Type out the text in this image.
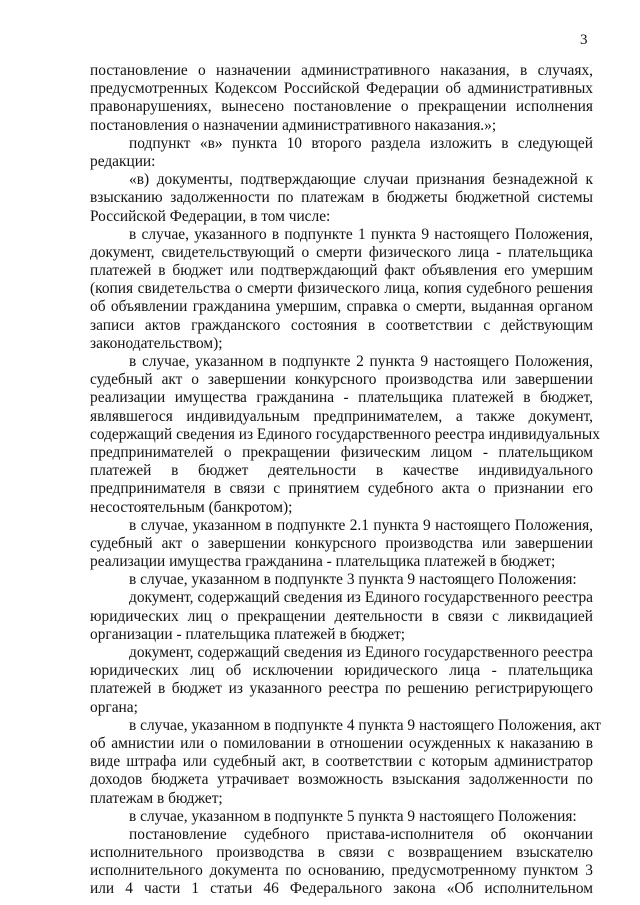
3
постановление о назначении административного наказания, в случаях,
предусмотренных Кодексом Российской Федерации об административных
правонарушениях, вынесено постановление о прекращении исполнения
постановления о назначении административного наказания.»;
подпункт «в» пункта 10 второго раздела изложить в следующей
редакции:
«в) документы, подтверждающие случаи признания безнадежной к
взысканию задолженности по платежам в бюджеты бюджетной системы
Российской Федерации, в том числе:
в случае, указанного в подпункте 1 пункта 9 настоящего Положения,
документ, свидетельствующий о смерти физического лица - плательщика
платежей в бюджет или подтверждающий факт объявления его умершим
(копия свидетельства о смерти физического лица, копия судебного решения
об объявлении гражданина умершим, справка о смерти, выданная органом
записи актов гражданского состояния в соответствии с действующим
законодательством);
в случае, указанном в подпункте 2 пункта 9 настоящего Положения,
судебный акт о завершении конкурсного производства или завершении
реализации имущества гражданина - плательщика платежей в бюджет,
являвшегося индивидуальным предпринимателем, а также документ,
содержащий сведения из Единого государственного реестра индивидуальных
предпринимателей о прекращении физическим лицом - плательщиком
платежей в бюджет деятельности в качестве индивидуального
предпринимателя в связи с принятием судебного акта о признании его
несостоятельным (банкротом);
в случае, указанном в подпункте 2.1 пункта 9 настоящего Положения,
судебный акт о завершении конкурсного производства или завершении
реализации имущества гражданина - плательщика платежей в бюджет;
в случае, указанном в подпункте 3 пункта 9 настоящего Положения:
документ, содержащий сведения из Единого государственного реестра
юридических лиц о прекращении деятельности в связи с ликвидацией
организации - плательщика платежей в бюджет;
документ, содержащий сведения из Единого государственного реестра
юридических лиц об исключении юридического лица - плательщика
платежей в бюджет из указанного реестра по решению регистрирующего
органа;
в случае, указанном в подпункте 4 пункта 9 настоящего Положения, акт
об амнистии или о помиловании в отношении осужденных к наказанию в
виде штрафа или судебный акт, в соответствии с которым администратор
доходов бюджета утрачивает возможность взыскания задолженности по
платежам в бюджет;
в случае, указанном в подпункте 5 пункта 9 настоящего Положения:
постановление судебного пристава-исполнителя об окончании
исполнительного производства в связи с возвращением взыскателю
исполнительного документа по основанию, предусмотренному пунктом 3
или 4 части 1 статьи 46 Федерального закона «Об исполнительном
